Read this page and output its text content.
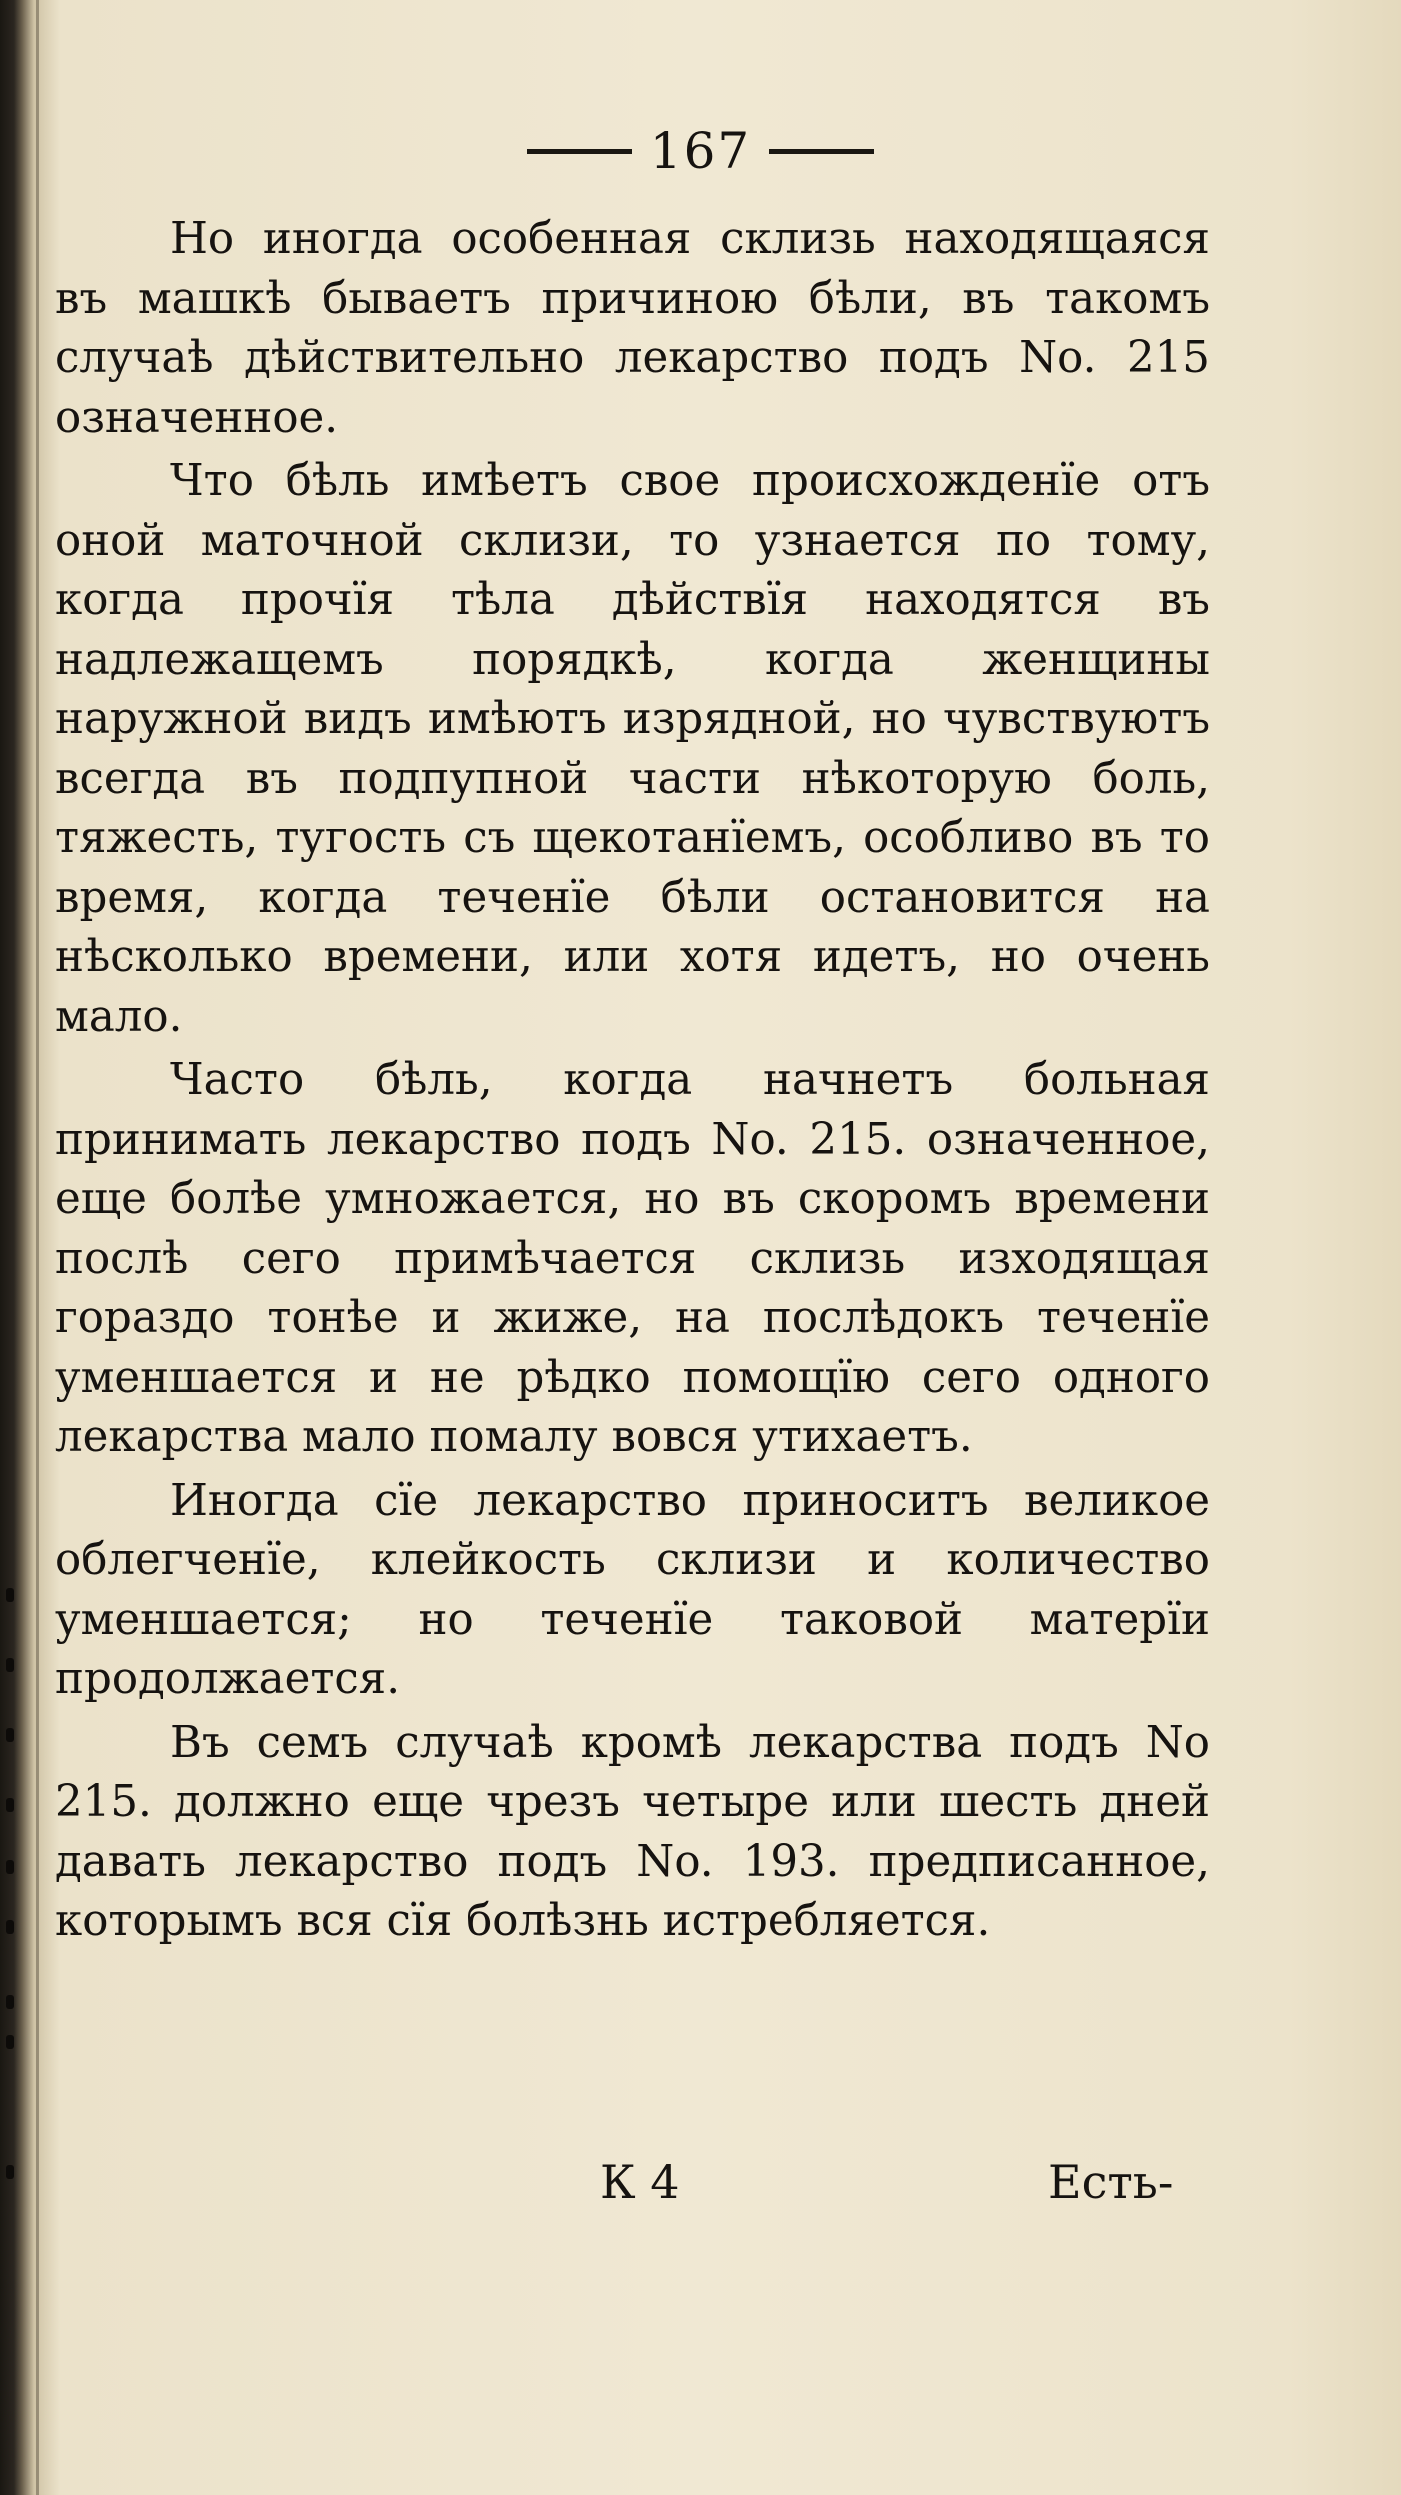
167

Но иногда особенная склизь находящаяся въ машкѣ бываетъ причиною бѣли, въ такомъ случаѣ дѣйствительно лекарство подъ No. 215 означенное.

Что бѣль имѣетъ свое происхожденїе отъ оной маточной склизи, то узнается по тому, когда прочїя тѣла дѣйствїя находятся въ надлежащемъ порядкѣ, когда женщины наружной видъ имѣютъ изрядной, но чувствуютъ всегда въ подпупной части нѣкоторую боль, тяжесть, тугость съ щекотанїемъ, особливо въ то время, когда теченїе бѣли остановится на нѣсколько времени, или хотя идетъ, но очень мало.

Часто бѣль, когда начнетъ больная принимать лекарство подъ No. 215. означенное, еще болѣе умножается, но въ скоромъ времени послѣ сего примѣчается склизь изходящая гораздо тонѣе и жиже, на послѣдокъ теченїе уменшается и не рѣдко помощїю сего одного лекарства мало помалу вовся утихаетъ.

Иногда сїе лекарство приноситъ великое облегченїе, клейкость склизи и количество уменшается; но теченїе таковой матерїи продолжается.

Въ семъ случаѣ кромѣ лекарства подъ No 215. должно еще чрезъ четыре или шесть дней давать лекарство подъ No. 193. предписанное, которымъ вся сїя болѣзнь истребляется.

К 4	Есть-
